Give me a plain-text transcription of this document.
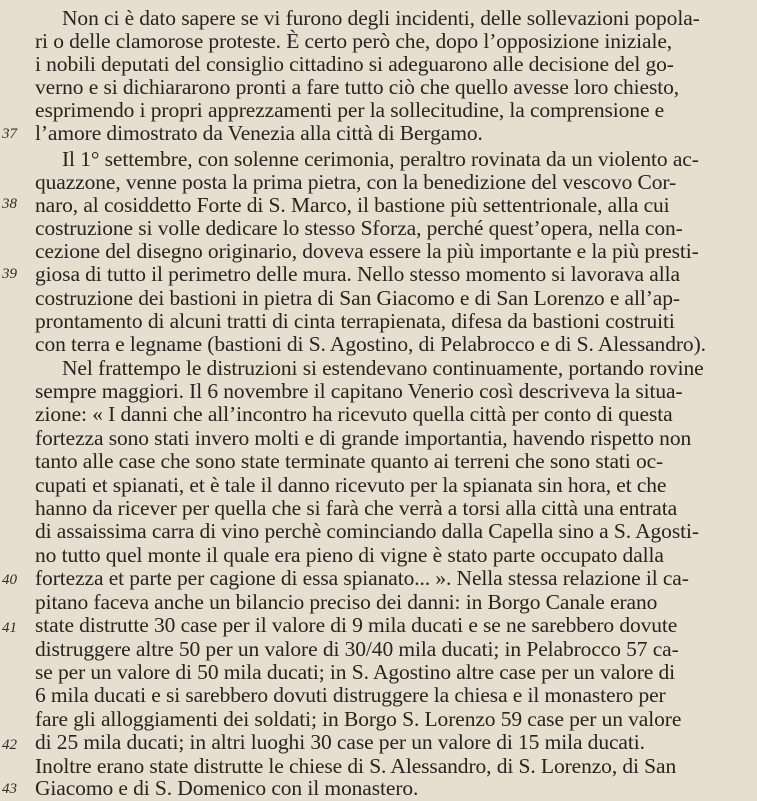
Non ci è dato sapere se vi furono degli incidenti, delle sollevazioni popola-
ri o delle clamorose proteste. È certo però che, dopo l’opposizione iniziale,
i nobili deputati del consiglio cittadino si adeguarono alle decisione del go-
verno e si dichiararono pronti a fare tutto ciò che quello avesse loro chiesto,
esprimendo i propri apprezzamenti per la sollecitudine, la comprensione e
l’amore dimostrato da Venezia alla città di Bergamo.
Il 1° settembre, con solenne cerimonia, peraltro rovinata da un violento ac-
quazzone, venne posta la prima pietra, con la benedizione del vescovo Cor-
naro, al cosiddetto Forte di S. Marco, il bastione più settentrionale, alla cui
costruzione si volle dedicare lo stesso Sforza, perché quest’opera, nella con-
cezione del disegno originario, doveva essere la più importante e la più presti-
giosa di tutto il perimetro delle mura. Nello stesso momento si lavorava alla
costruzione dei bastioni in pietra di San Giacomo e di San Lorenzo e all’ap-
prontamento di alcuni tratti di cinta terrapienata, difesa da bastioni costruiti
con terra e legname (bastioni di S. Agostino, di Pelabrocco e di S. Alessandro).
Nel frattempo le distruzioni si estendevano continuamente, portando rovine
sempre maggiori. Il 6 novembre il capitano Venerio così descriveva la situa-
zione: « I danni che all’incontro ha ricevuto quella città per conto di questa
fortezza sono stati invero molti e di grande importantia, havendo rispetto non
tanto alle case che sono state terminate quanto ai terreni che sono stati oc-
cupati et spianati, et è tale il danno ricevuto per la spianata sin hora, et che
hanno da ricever per quella che si farà che verrà a torsi alla città una entrata
di assaissima carra di vino perchè cominciando dalla Capella sino a S. Agosti-
no tutto quel monte il quale era pieno di vigne è stato parte occupato dalla
fortezza et parte per cagione di essa spianato... ». Nella stessa relazione il ca-
pitano faceva anche un bilancio preciso dei danni: in Borgo Canale erano
state distrutte 30 case per il valore di 9 mila ducati e se ne sarebbero dovute
distruggere altre 50 per un valore di 30/40 mila ducati; in Pelabrocco 57 ca-
se per un valore di 50 mila ducati; in S. Agostino altre case per un valore di
6 mila ducati e si sarebbero dovuti distruggere la chiesa e il monastero per
fare gli alloggiamenti dei soldati; in Borgo S. Lorenzo 59 case per un valore
di 25 mila ducati; in altri luoghi 30 case per un valore di 15 mila ducati.
Inoltre erano state distrutte le chiese di S. Alessandro, di S. Lorenzo, di San
Giacomo e di S. Domenico con il monastero.
37
38
39
40
41
42
43
